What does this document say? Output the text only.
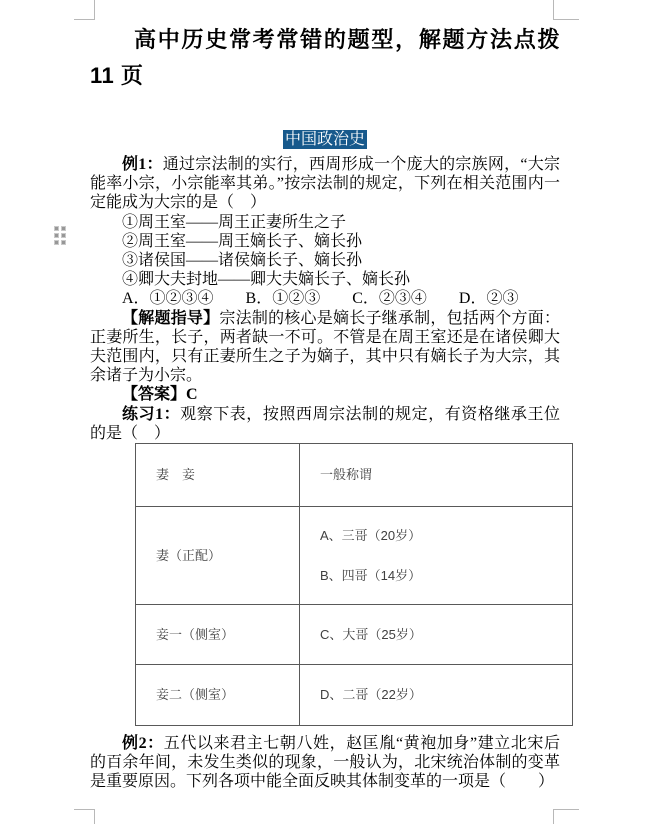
高中历史常考常错的题型，解题方法点拨 11 页
中国政治史

例1：通过宗法制的实行，西周形成一个庞大的宗族网，“大宗能率小宗，小宗能率其弟。”按宗法制的规定，下列在相关范围内一定能成为大宗的是（　）

①周王室——周王正妻所生之子

②周王室——周王嫡长子、嫡长孙

③诸侯国——诸侯嫡长子、嫡长孙

④卿大夫封地——卿大夫嫡长子、嫡长孙

A．①②③④　　B．①②③　　C．②③④　　D．②③

【解题指导】宗法制的核心是嫡长子继承制，包括两个方面：正妻所生，长子，两者缺一不可。不管是在周王室还是在诸侯卿大夫范围内，只有正妻所生之子为嫡子，其中只有嫡长子为大宗，其余诸子为小宗。

【答案】C

练习1：观察下表，按照西周宗法制的规定，有资格继承王位的是（　）

妻　妾	一般称谓

妻（正配）	A、三哥（20岁）
B、四哥（14岁）

妾一（侧室）	C、大哥（25岁）

妾二（侧室）	D、二哥（22岁）

例2：五代以来君主七朝八姓，赵匡胤“黄袍加身”建立北宋后的百余年间，未发生类似的现象，一般认为，北宋统治体制的变革是重要原因。下列各项中能全面反映其体制变革的一项是（　　）
